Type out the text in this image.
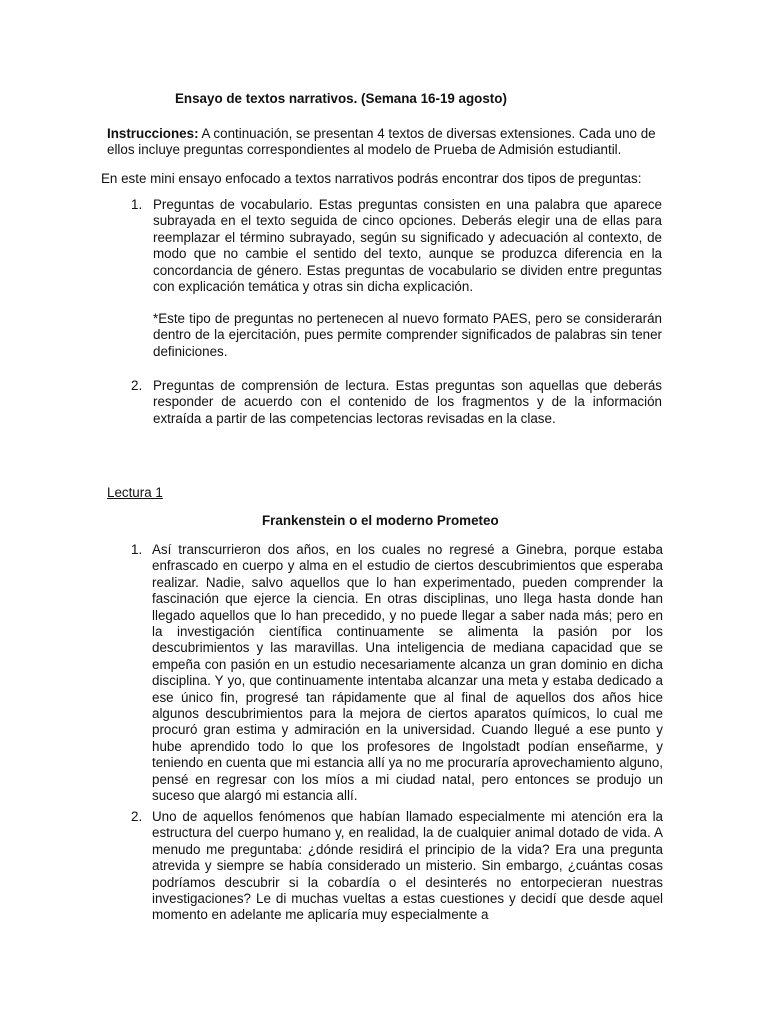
Ensayo de textos narrativos. (Semana 16-19 agosto)
Instrucciones: A continuación, se presentan 4 textos de diversas extensiones. Cada uno de ellos incluye preguntas correspondientes al modelo de Prueba de Admisión estudiantil.
En este mini ensayo enfocado a textos narrativos podrás encontrar dos tipos de preguntas:
1. Preguntas de vocabulario. Estas preguntas consisten en una palabra que aparece subrayada en el texto seguida de cinco opciones. Deberás elegir una de ellas para reemplazar el término subrayado, según su significado y adecuación al contexto, de modo que no cambie el sentido del texto, aunque se produzca diferencia en la concordancia de género. Estas preguntas de vocabulario se dividen entre preguntas con explicación temática y otras sin dicha explicación.
*Este tipo de preguntas no pertenecen al nuevo formato PAES, pero se considerarán dentro de la ejercitación, pues permite comprender significados de palabras sin tener definiciones.
2. Preguntas de comprensión de lectura. Estas preguntas son aquellas que deberás responder de acuerdo con el contenido de los fragmentos y de la información extraída a partir de las competencias lectoras revisadas en la clase.
Lectura 1
Frankenstein o el moderno Prometeo
1. Así transcurrieron dos años, en los cuales no regresé a Ginebra, porque estaba enfrascado en cuerpo y alma en el estudio de ciertos descubrimientos que esperaba realizar. Nadie, salvo aquellos que lo han experimentado, pueden comprender la fascinación que ejerce la ciencia. En otras disciplinas, uno llega hasta donde han llegado aquellos que lo han precedido, y no puede llegar a saber nada más; pero en la investigación científica continuamente se alimenta la pasión por los descubrimientos y las maravillas. Una inteligencia de mediana capacidad que se empeña con pasión en un estudio necesariamente alcanza un gran dominio en dicha disciplina. Y yo, que continuamente intentaba alcanzar una meta y estaba dedicado a ese único fin, progresé tan rápidamente que al final de aquellos dos años hice algunos descubrimientos para la mejora de ciertos aparatos químicos, lo cual me procuró gran estima y admiración en la universidad. Cuando llegué a ese punto y hube aprendido todo lo que los profesores de Ingolstadt podían enseñarme, y teniendo en cuenta que mi estancia allí ya no me procuraría aprovechamiento alguno, pensé en regresar con los míos a mi ciudad natal, pero entonces se produjo un suceso que alargó mi estancia allí.
2. Uno de aquellos fenómenos que habían llamado especialmente mi atención era la estructura del cuerpo humano y, en realidad, la de cualquier animal dotado de vida. A menudo me preguntaba: ¿dónde residirá el principio de la vida? Era una pregunta atrevida y siempre se había considerado un misterio. Sin embargo, ¿cuántas cosas podríamos descubrir si la cobardía o el desinterés no entorpecieran nuestras investigaciones? Le di muchas vueltas a estas cuestiones y decidí que desde aquel momento en adelante me aplicaría muy especialmente a
